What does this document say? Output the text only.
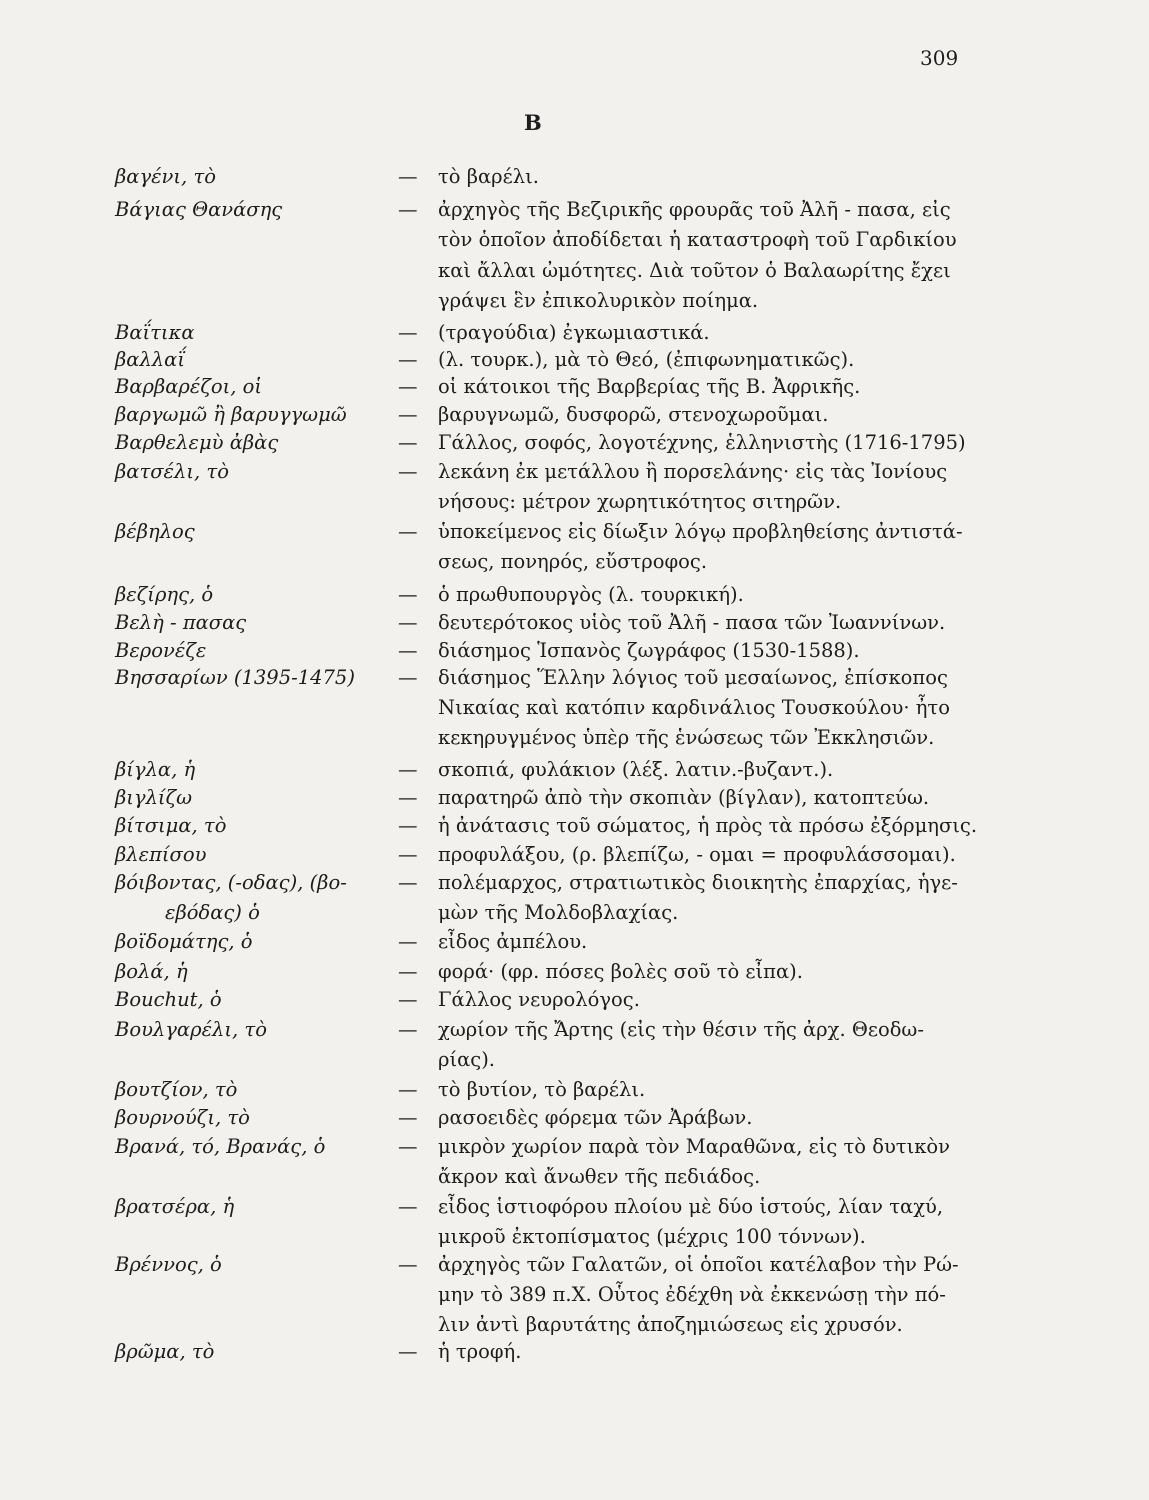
309
B
βαγένι, τὸ	— τὸ βαρέλι.
Βάγιας Θανάσης	— ἀρχηγὸς τῆς Βεζιρικῆς φρουρᾶς τοῦ Ἀλῆ - πασα, εἰς
τὸν ὁποῖον ἀποδίδεται ἡ καταστροφὴ τοῦ Γαρδικίου
καὶ ἄλλαι ὠμότητες. Διὰ τοῦτον ὁ Βαλαωρίτης ἔχει
γράψει ἓν ἐπικολυρικὸν ποίημα.
Βαΐτικα	— (τραγούδια) ἐγκωμιαστικά.
βαλλαΐ	— (λ. τουρκ.), μὰ τὸ Θεό, (ἐπιφωνηματικῶς).
Βαρβαρέζοι, οἱ	— οἱ κάτοικοι τῆς Βαρβερίας τῆς Β. Ἀφρικῆς.
βαργωμῶ ἢ βαρυγγωμῶ	— βαρυγνωμῶ, δυσφορῶ, στενοχωροῦμαι.
Βαρθελεμὺ ἀβὰς	— Γάλλος, σοφός, λογοτέχνης, ἑλληνιστὴς (1716-1795)
βατσέλι, τὸ	— λεκάνη ἐκ μετάλλου ἢ πορσελάνης· εἰς τὰς Ἰονίους
νήσους: μέτρον χωρητικότητος σιτηρῶν.
βέβηλος	— ὑποκείμενος εἰς δίωξιν λόγῳ προβληθείσης ἀντιστά-
σεως, πονηρός, εὔστροφος.
βεζίρης, ὁ	— ὁ πρωθυπουργὸς (λ. τουρκική).
Βελὴ - πασας	— δευτερότοκος υἱὸς τοῦ Ἀλῆ - πασα τῶν Ἰωαννίνων.
Βερονέζε	— διάσημος Ἱσπανὸς ζωγράφος (1530-1588).
Βησσαρίων (1395-1475) — διάσημος Ἕλλην λόγιος τοῦ μεσαίωνος, ἐπίσκοπος
Νικαίας καὶ κατόπιν καρδινάλιος Τουσκούλου· ἦτο
κεκηρυγμένος ὑπὲρ τῆς ἑνώσεως τῶν Ἐκκλησιῶν.
βίγλα, ἡ	— σκοπιά, φυλάκιον (λέξ. λατιν.-βυζαντ.).
βιγλίζω	— παρατηρῶ ἀπὸ τὴν σκοπιὰν (βίγλαν), κατοπτεύω.
βίτσιμα, τὸ	— ἡ ἀνάτασις τοῦ σώματος, ἡ πρὸς τὰ πρόσω ἐξόρμησις.
βλεπίσου	— προφυλάξου, (ρ. βλεπίζω, - ομαι = προφυλάσσομαι).
βόιβοντας, (-οδας), (βο-	— πολέμαρχος, στρατιωτικὸς διοικητὴς ἐπαρχίας, ἡγε-
εβόδας) ὁ	μὼν τῆς Μολδοβλαχίας.
βοϊδομάτης, ὁ	— εἶδος ἀμπέλου.
βολά, ἡ	— φορά· (φρ. πόσες βολὲς σοῦ τὸ εἶπα).
Bouchut, ὁ	— Γάλλος νευρολόγος.
Βουλγαρέλι, τὸ	— χωρίον τῆς Ἄρτης (εἰς τὴν θέσιν τῆς ἀρχ. Θεοδω-
ρίας).
βουτζίον, τὸ	— τὸ βυτίον, τὸ βαρέλι.
βουρνούζι, τὸ	— ρασοειδὲς φόρεμα τῶν Ἀράβων.
Βρανά, τό, Βρανάς, ὁ	— μικρὸν χωρίον παρὰ τὸν Μαραθῶνα, εἰς τὸ δυτικὸν
ἄκρον καὶ ἄνωθεν τῆς πεδιάδος.
βρατσέρα, ἡ	— εἶδος ἱστιοφόρου πλοίου μὲ δύο ἱστούς, λίαν ταχύ,
μικροῦ ἐκτοπίσματος (μέχρις 100 τόννων).
Βρέννος, ὁ	— ἀρχηγὸς τῶν Γαλατῶν, οἱ ὁποῖοι κατέλαβον τὴν Ρώ-
μην τὸ 389 π.Χ. Οὗτος ἐδέχθη νὰ ἐκκενώσῃ τὴν πό-
λιν ἀντὶ βαρυτάτης ἀποζημιώσεως εἰς χρυσόν.
βρῶμα, τὸ	— ἡ τροφή.
